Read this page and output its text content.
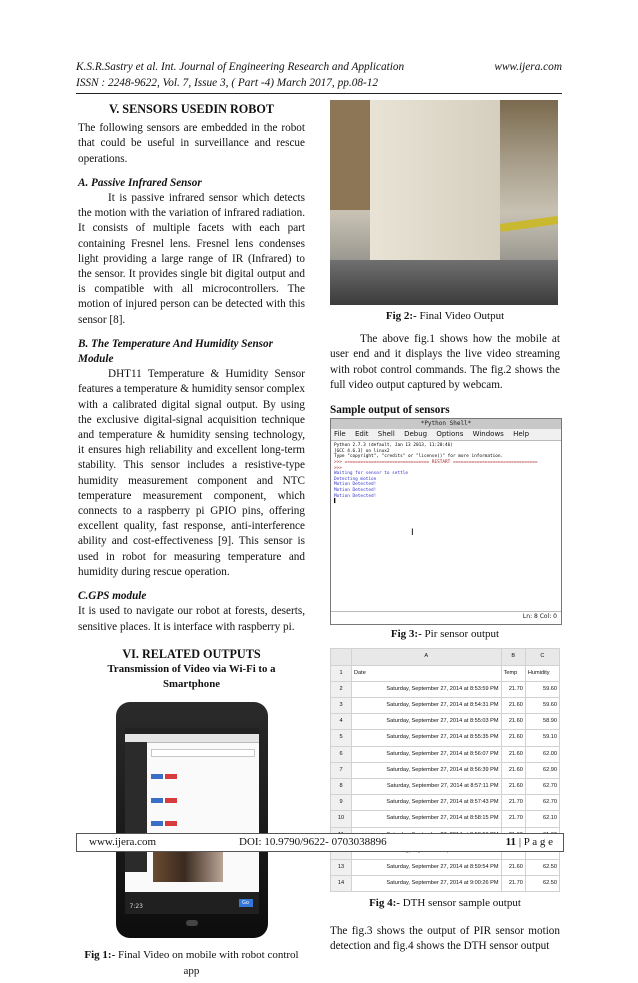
K.S.R.Sastry et al. Int. Journal of Engineering Research and Application	www.ijera.com
ISSN : 2248-9622, Vol. 7, Issue 3, ( Part -4) March 2017, pp.08-12
V. SENSORS USEDIN ROBOT

The following sensors are embedded in the robot that could be useful in surveillance and rescue operations.

A. Passive Infrared Sensor

It is passive infrared sensor which detects the motion with the variation of infrared radiation. It consists of multiple facets with each part containing Fresnel lens. Fresnel lens condenses light providing a large range of IR (Infrared) to the sensor. It provides single bit digital output and is compatible with all microcontrollers. The motion of injured person can be detected with this sensor [8].

B. The Temperature And Humidity Sensor Module

DHT11 Temperature & Humidity Sensor features a temperature & humidity sensor complex with a calibrated digital signal output. By using the exclusive digital-signal acquisition technique and temperature & humidity sensing technology, it ensures high reliability and excellent long-term stability. This sensor includes a resistive-type humidity measurement component and NTC temperature measurement component, which connects to a raspberry pi GPIO pins, offering excellent quality, fast response, anti-interference ability and cost-effectiveness [9]. This sensor is used in robot for measuring temperature and humidity during rescue operation.

C.GPS module

It is used to navigate our robot at forests, deserts, sensitive places. It is interface with raspberry pi.

VI. RELATED OUTPUTS
Transmission of Video via Wi-Fi to a Smartphone
7:23	Go
Fig 1:- Final Video on mobile with robot control app
Fig 2:- Final Video Output

The above fig.1 shows how the mobile at user end and it displays the live video streaming with robot control commands. The fig.2 shows the full video output captured by webcam.

Sample output of sensors
*Python Shell*
File Edit Shell Debug Options Windows Help
Python 2.7.3 (default, Jan 13 2013, 11:20:46)
[GCC 4.6.3] on linux2
Type "copyright", "credits" or "license()" for more information.
>>> ================================ RESTART ================================
>>>
Waiting for sensor to settle
Detecting motion
Motion Detected!
Motion Detected!
Motion Detected!
▌
I
Ln: 8 Col: 0
Fig 3:- Pir sensor output
	A	B	C
1	Date	Temp	Humidity
2	Saturday, September 27, 2014 at 8:53:59 PM	21.70	59.60
3	Saturday, September 27, 2014 at 8:54:31 PM	21.60	59.60
4	Saturday, September 27, 2014 at 8:55:03 PM	21.60	58.90
5	Saturday, September 27, 2014 at 8:55:35 PM	21.60	59.10
6	Saturday, September 27, 2014 at 8:56:07 PM	21.60	62.00
7	Saturday, September 27, 2014 at 8:56:39 PM	21.60	62.90
8	Saturday, September 27, 2014 at 8:57:11 PM	21.60	62.70
9	Saturday, September 27, 2014 at 8:57:43 PM	21.70	62.70
10	Saturday, September 27, 2014 at 8:58:15 PM	21.70	62.10

13	Saturday, September 27, 2014 at 8:59:54 PM	21.60	62.50
14	Saturday, September 27, 2014 at 9:00:26 PM	21.70	62.50
Fig 4:- DTH sensor sample output

The fig.3 shows the output of PIR sensor motion detection and fig.4 shows the DTH sensor output

www.ijera.com	DOI: 10.9790/9622- 0703038896	11 | P a g e
